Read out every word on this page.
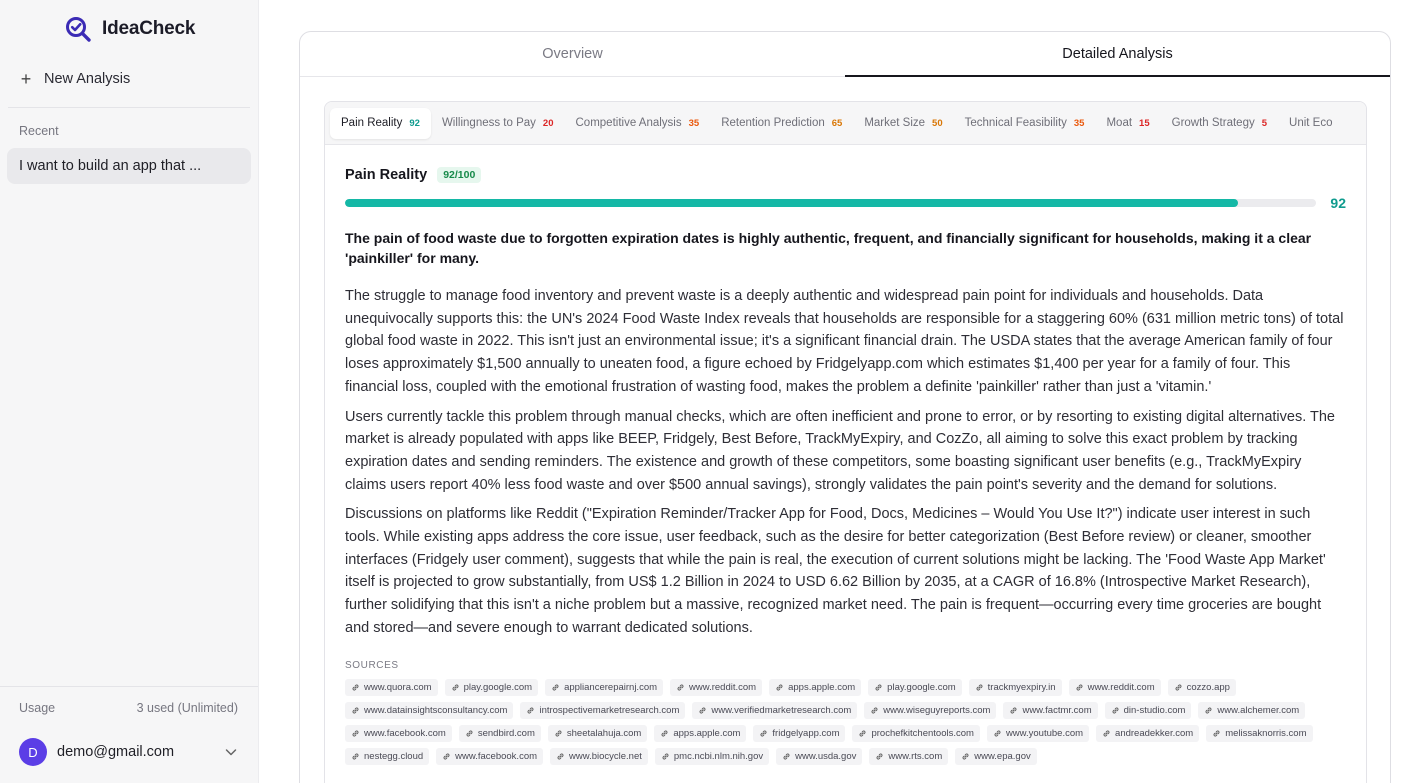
IdeaCheck
+ New Analysis
Recent
I want to build an app that ...
Usage	3 used (Unlimited)
D	demo@gmail.com
Overview	Detailed Analysis
Pain Reality 92 Willingness to Pay 20 Competitive Analysis 35 Retention Prediction 65 Market Size 50 Technical Feasibility 35 Moat 15 Growth Strategy 5 Unit Eco
Pain Reality	92/100
92

The pain of food waste due to forgotten expiration dates is highly authentic, frequent, and financially significant for households, making it a clear 'painkiller' for many.

The struggle to manage food inventory and prevent waste is a deeply authentic and widespread pain point for individuals and households. Data unequivocally supports this: the UN's 2024 Food Waste Index reveals that households are responsible for a staggering 60% (631 million metric tons) of total global food waste in 2022. This isn't just an environmental issue; it's a significant financial drain. The USDA states that the average American family of four loses approximately $1,500 annually to uneaten food, a figure echoed by Fridgelyapp.com which estimates $1,400 per year for a family of four. This financial loss, coupled with the emotional frustration of wasting food, makes the problem a definite 'painkiller' rather than just a 'vitamin.'

Users currently tackle this problem through manual checks, which are often inefficient and prone to error, or by resorting to existing digital alternatives. The market is already populated with apps like BEEP, Fridgely, Best Before, TrackMyExpiry, and CozZo, all aiming to solve this exact problem by tracking expiration dates and sending reminders. The existence and growth of these competitors, some boasting significant user benefits (e.g., TrackMyExpiry claims users report 40% less food waste and over $500 annual savings), strongly validates the pain point's severity and the demand for solutions.

Discussions on platforms like Reddit ("Expiration Reminder/Tracker App for Food, Docs, Medicines – Would You Use It?") indicate user interest in such tools. While existing apps address the core issue, user feedback, such as the desire for better categorization (Best Before review) or cleaner, smoother interfaces (Fridgely user comment), suggests that while the pain is real, the execution of current solutions might be lacking. The 'Food Waste App Market' itself is projected to grow substantially, from US$ 1.2 Billion in 2024 to USD 6.62 Billion by 2035, at a CAGR of 16.8% (Introspective Market Research), further solidifying that this isn't a niche problem but a massive, recognized market need. The pain is frequent—occurring every time groceries are bought and stored—and severe enough to warrant dedicated solutions.

SOURCES
www.quora.com	play.google.com	appliancerepairnj.com	www.reddit.com	apps.apple.com	play.google.com	trackmyexpiry.in	www.reddit.com	cozzo.app
www.datainsightsconsultancy.com	introspectivemarketresearch.com	www.verifiedmarketresearch.com	www.wiseguyreports.com	www.factmr.com	din-studio.com	www.alchemer.com
www.facebook.com	sendbird.com	sheetalahuja.com	apps.apple.com	fridgelyapp.com	prochefkitchentools.com	www.youtube.com	andreadekker.com	melissaknorris.com
nestegg.cloud	www.facebook.com	www.biocycle.net	pmc.ncbi.nlm.nih.gov	www.usda.gov	www.rts.com	www.epa.gov
